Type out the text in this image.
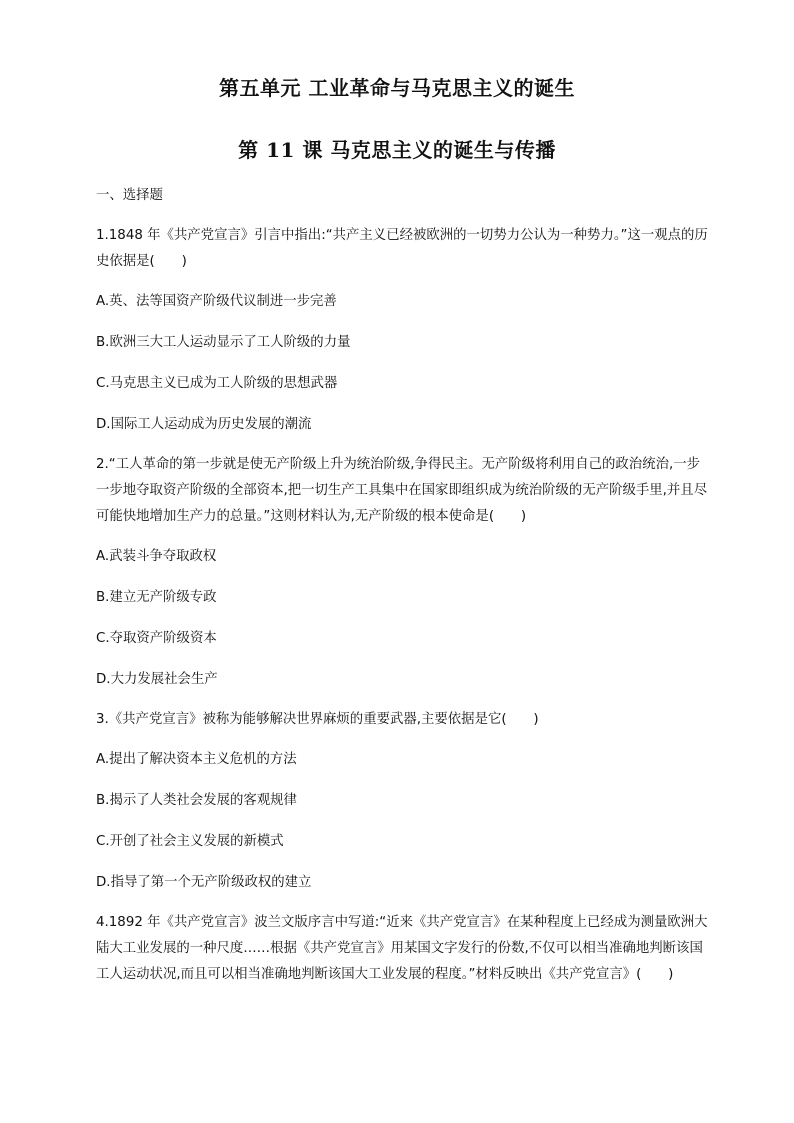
第五单元 工业革命与马克思主义的诞生
第 11 课 马克思主义的诞生与传播

一、选择题

1.1848 年《共产党宣言》引言中指出:“共产主义已经被欧洲的一切势力公认为一种势力。”这一观点的历史依据是(　　)

A.英、法等国资产阶级代议制进一步完善

B.欧洲三大工人运动显示了工人阶级的力量

C.马克思主义已成为工人阶级的思想武器

D.国际工人运动成为历史发展的潮流

2.“工人革命的第一步就是使无产阶级上升为统治阶级,争得民主。无产阶级将利用自己的政治统治,一步一步地夺取资产阶级的全部资本,把一切生产工具集中在国家即组织成为统治阶级的无产阶级手里,并且尽可能快地增加生产力的总量。”这则材料认为,无产阶级的根本使命是(　　)

A.武装斗争夺取政权

B.建立无产阶级专政

C.夺取资产阶级资本

D.大力发展社会生产

3.《共产党宣言》被称为能够解决世界麻烦的重要武器,主要依据是它(　　)

A.提出了解决资本主义危机的方法

B.揭示了人类社会发展的客观规律

C.开创了社会主义发展的新模式

D.指导了第一个无产阶级政权的建立

4.1892 年《共产党宣言》波兰文版序言中写道:“近来《共产党宣言》在某种程度上已经成为测量欧洲大陆大工业发展的一种尺度……根据《共产党宣言》用某国文字发行的份数,不仅可以相当准确地判断该国工人运动状况,而且可以相当准确地判断该国大工业发展的程度。”材料反映出《共产党宣言》(　　)
